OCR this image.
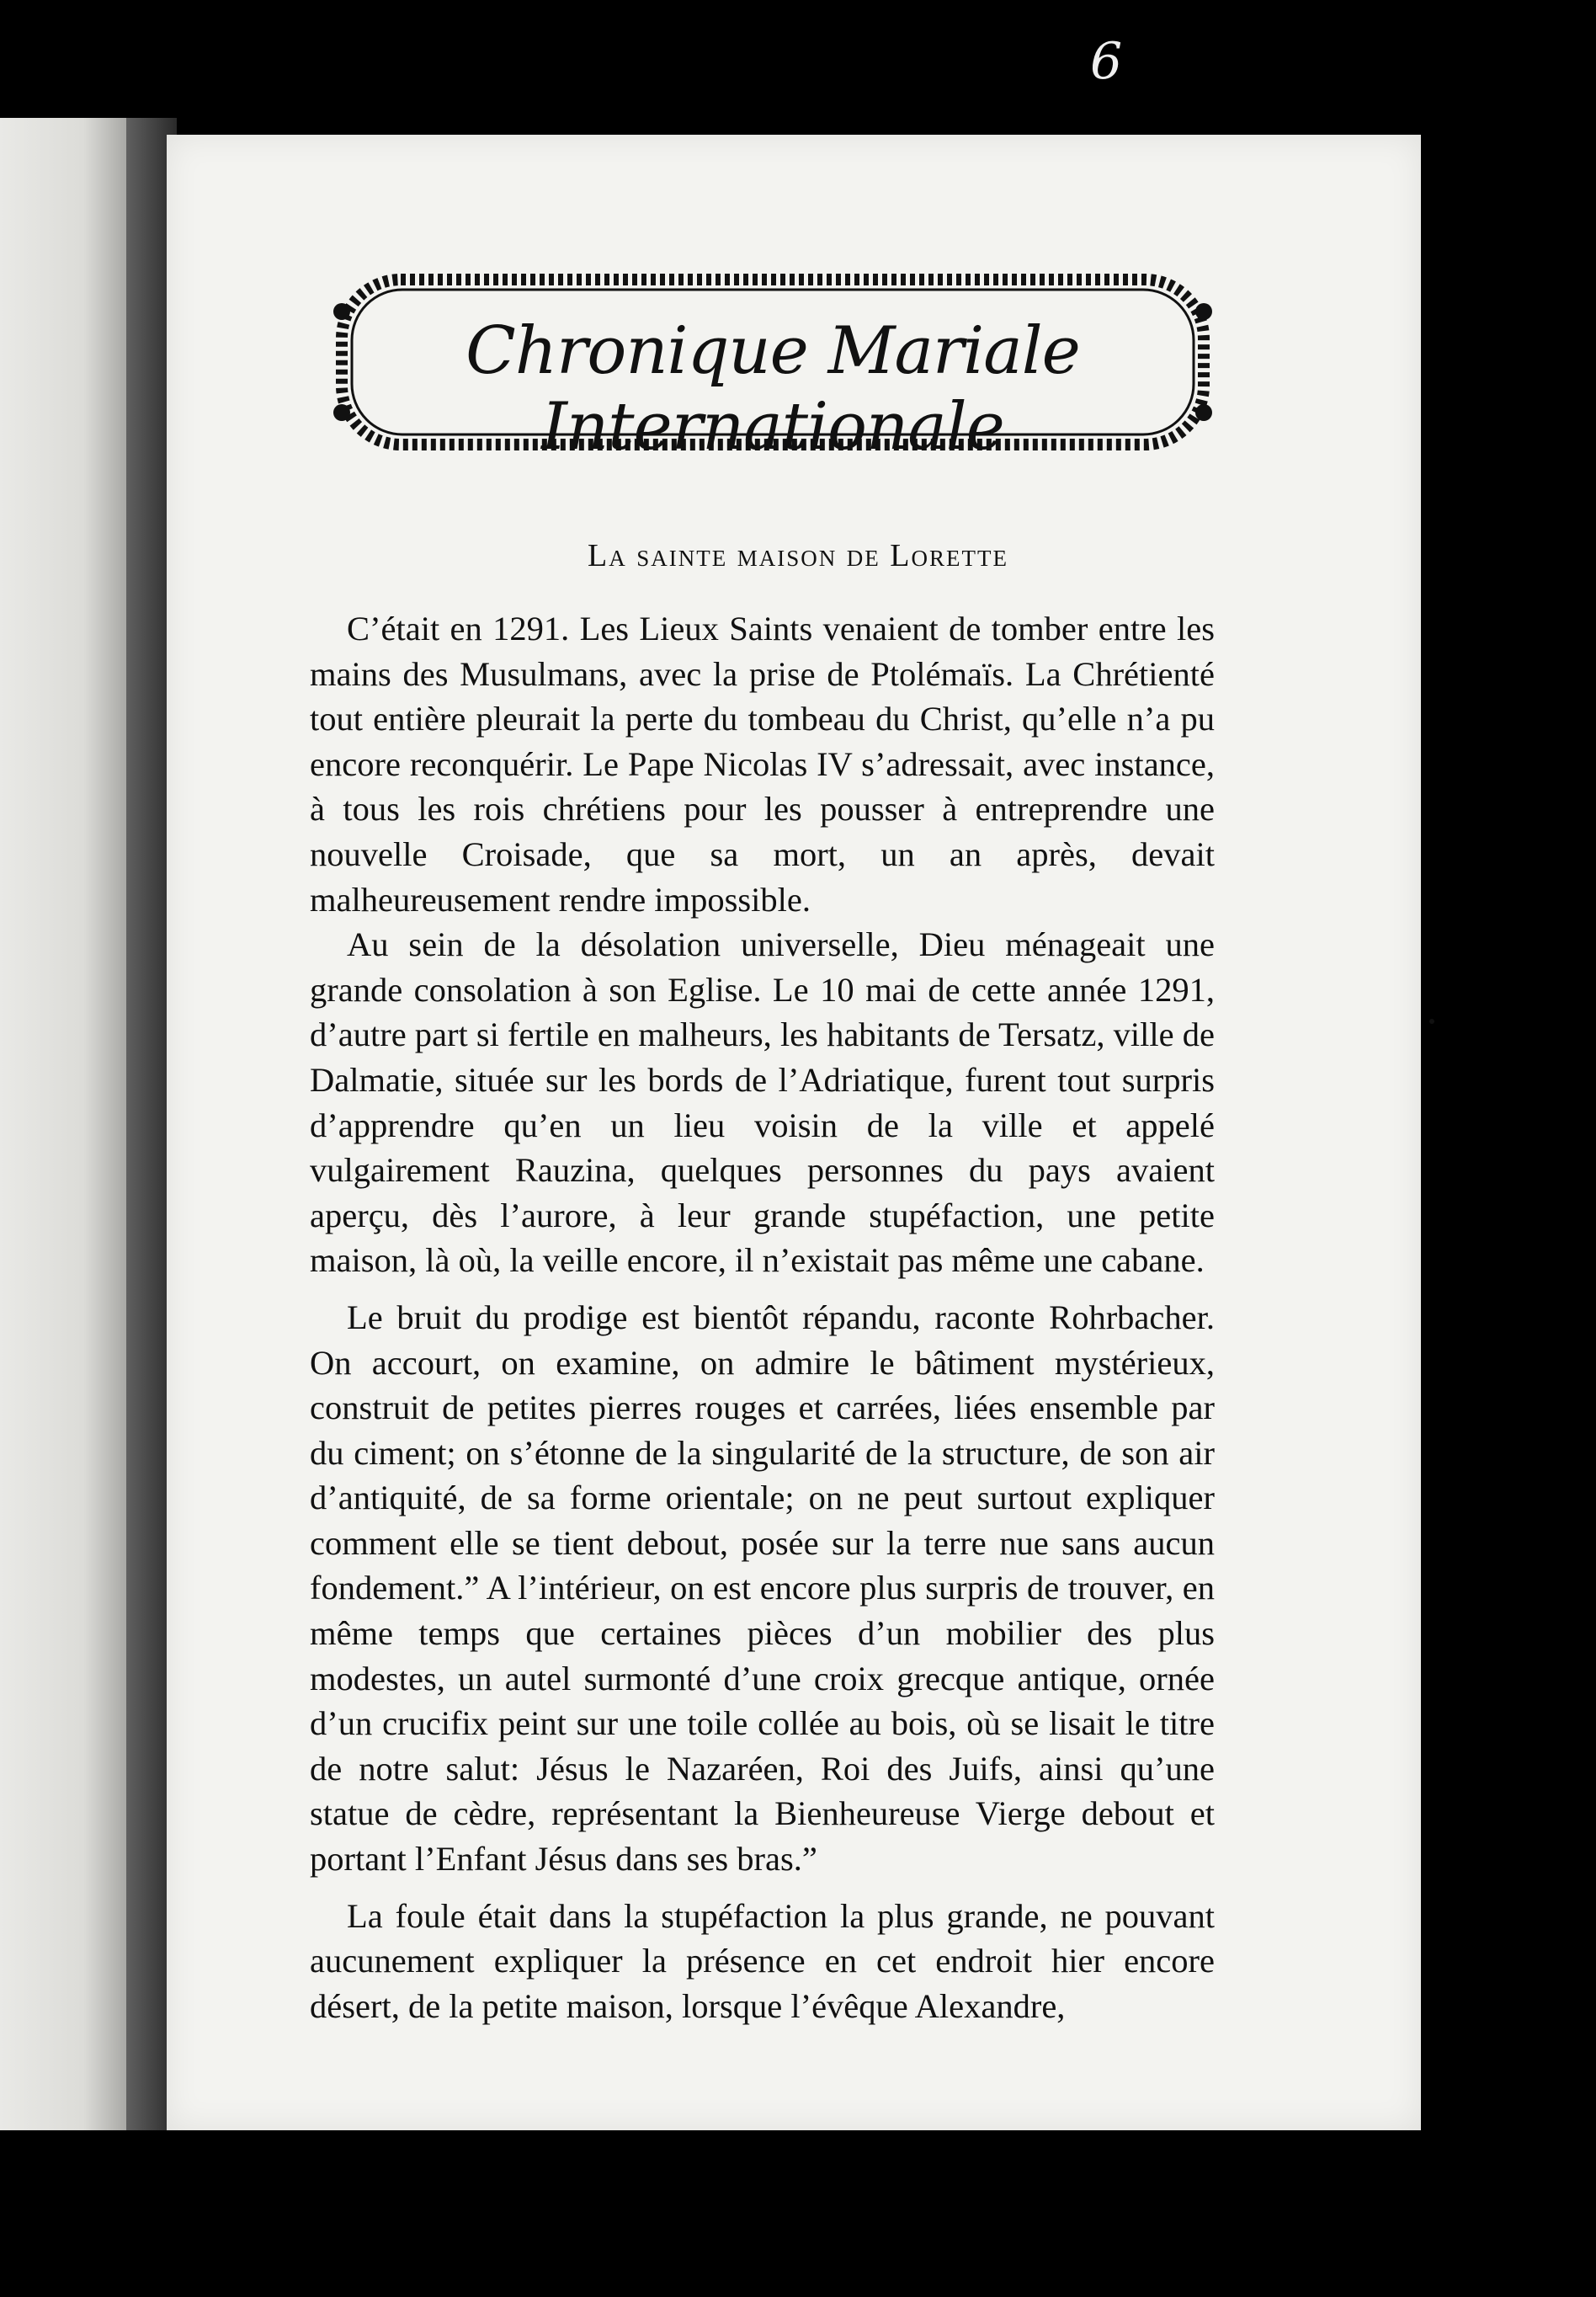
6
Chronique Mariale Internationale
La sainte maison de Lorette

C’était en 1291. Les Lieux Saints venaient de tomber entre les mains des Musulmans, avec la prise de Ptolémaïs. La Chrétienté tout entière pleurait la perte du tombeau du Christ, qu’elle n’a pu encore reconquérir. Le Pape Nicolas IV s’adressait, avec instance, à tous les rois chrétiens pour les pousser à entreprendre une nouvelle Croisade, que sa mort, un an après, devait malheureusement rendre impossible.

Au sein de la désolation universelle, Dieu ménageait une grande consolation à son Eglise. Le 10 mai de cette année 1291, d’autre part si fertile en malheurs, les habitants de Tersatz, ville de Dalmatie, située sur les bords de l’Adriatique, furent tout surpris d’apprendre qu’en un lieu voisin de la ville et appelé vulgairement Rauzina, quelques personnes du pays avaient aperçu, dès l’aurore, à leur grande stupéfaction, une petite maison, là où, la veille encore, il n’existait pas même une cabane.

Le bruit du prodige est bientôt répandu, raconte Rohrbacher. On accourt, on examine, on admire le bâtiment mystérieux, construit de petites pierres rouges et carrées, liées ensemble par du ciment; on s’étonne de la singularité de la structure, de son air d’antiquité, de sa forme orientale; on ne peut surtout expliquer comment elle se tient debout, posée sur la terre nue sans aucun fondement.” A l’intérieur, on est encore plus surpris de trouver, en même temps que certaines pièces d’un mobilier des plus modestes, un autel surmonté d’une croix grecque antique, ornée d’un crucifix peint sur une toile collée au bois, où se lisait le titre de notre salut: Jésus le Nazaréen, Roi des Juifs, ainsi qu’une statue de cèdre, représentant la Bienheureuse Vierge debout et portant l’Enfant Jésus dans ses bras.”

La foule était dans la stupéfaction la plus grande, ne pouvant aucunement expliquer la présence en cet endroit hier encore désert, de la petite maison, lorsque l’évêque Alexandre,
